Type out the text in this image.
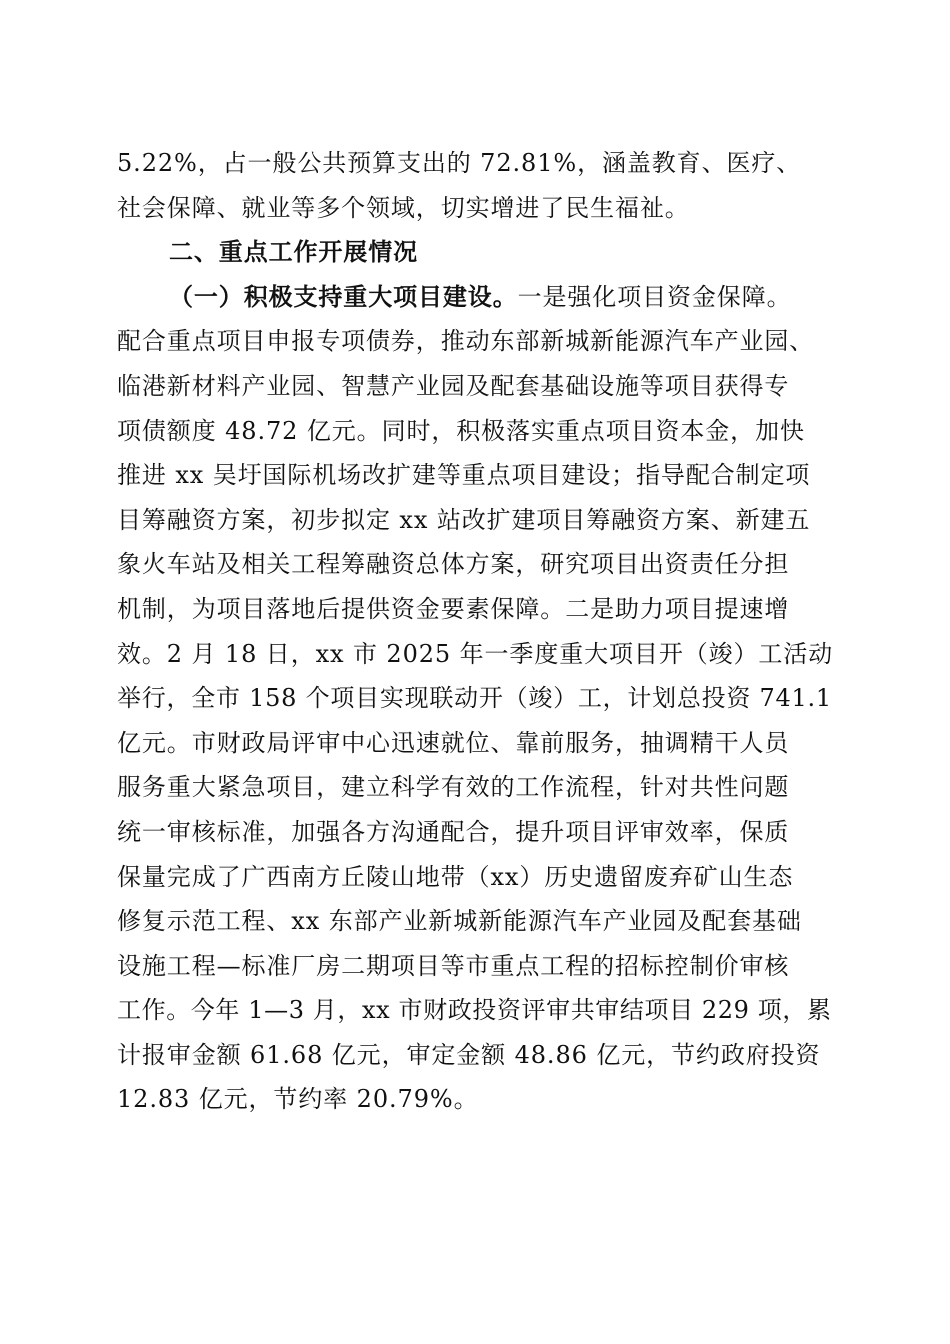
5.22%，占一般公共预算支出的 72.81%，涵盖教育、医疗、
社会保障、就业等多个领域，切实增进了民生福祉。

二、重点工作开展情况

（一）积极支持重大项目建设。一是强化项目资金保障。
配合重点项目申报专项债券，推动东部新城新能源汽车产业园、
临港新材料产业园、智慧产业园及配套基础设施等项目获得专
项债额度 48.72 亿元。同时，积极落实重点项目资本金，加快
推进 xx 吴圩国际机场改扩建等重点项目建设；指导配合制定项
目筹融资方案，初步拟定 xx 站改扩建项目筹融资方案、新建五
象火车站及相关工程筹融资总体方案，研究项目出资责任分担
机制，为项目落地后提供资金要素保障。二是助力项目提速增
效。2 月 18 日，xx 市 2025 年一季度重大项目开（竣）工活动
举行，全市 158 个项目实现联动开（竣）工，计划总投资 741.1
亿元。市财政局评审中心迅速就位、靠前服务，抽调精干人员
服务重大紧急项目，建立科学有效的工作流程，针对共性问题
统一审核标准，加强各方沟通配合，提升项目评审效率，保质
保量完成了广西南方丘陵山地带（xx）历史遗留废弃矿山生态
修复示范工程、xx 东部产业新城新能源汽车产业园及配套基础
设施工程—标准厂房二期项目等市重点工程的招标控制价审核
工作。今年 1—3 月，xx 市财政投资评审共审结项目 229 项，累
计报审金额 61.68 亿元，审定金额 48.86 亿元，节约政府投资
12.83 亿元，节约率 20.79%。
